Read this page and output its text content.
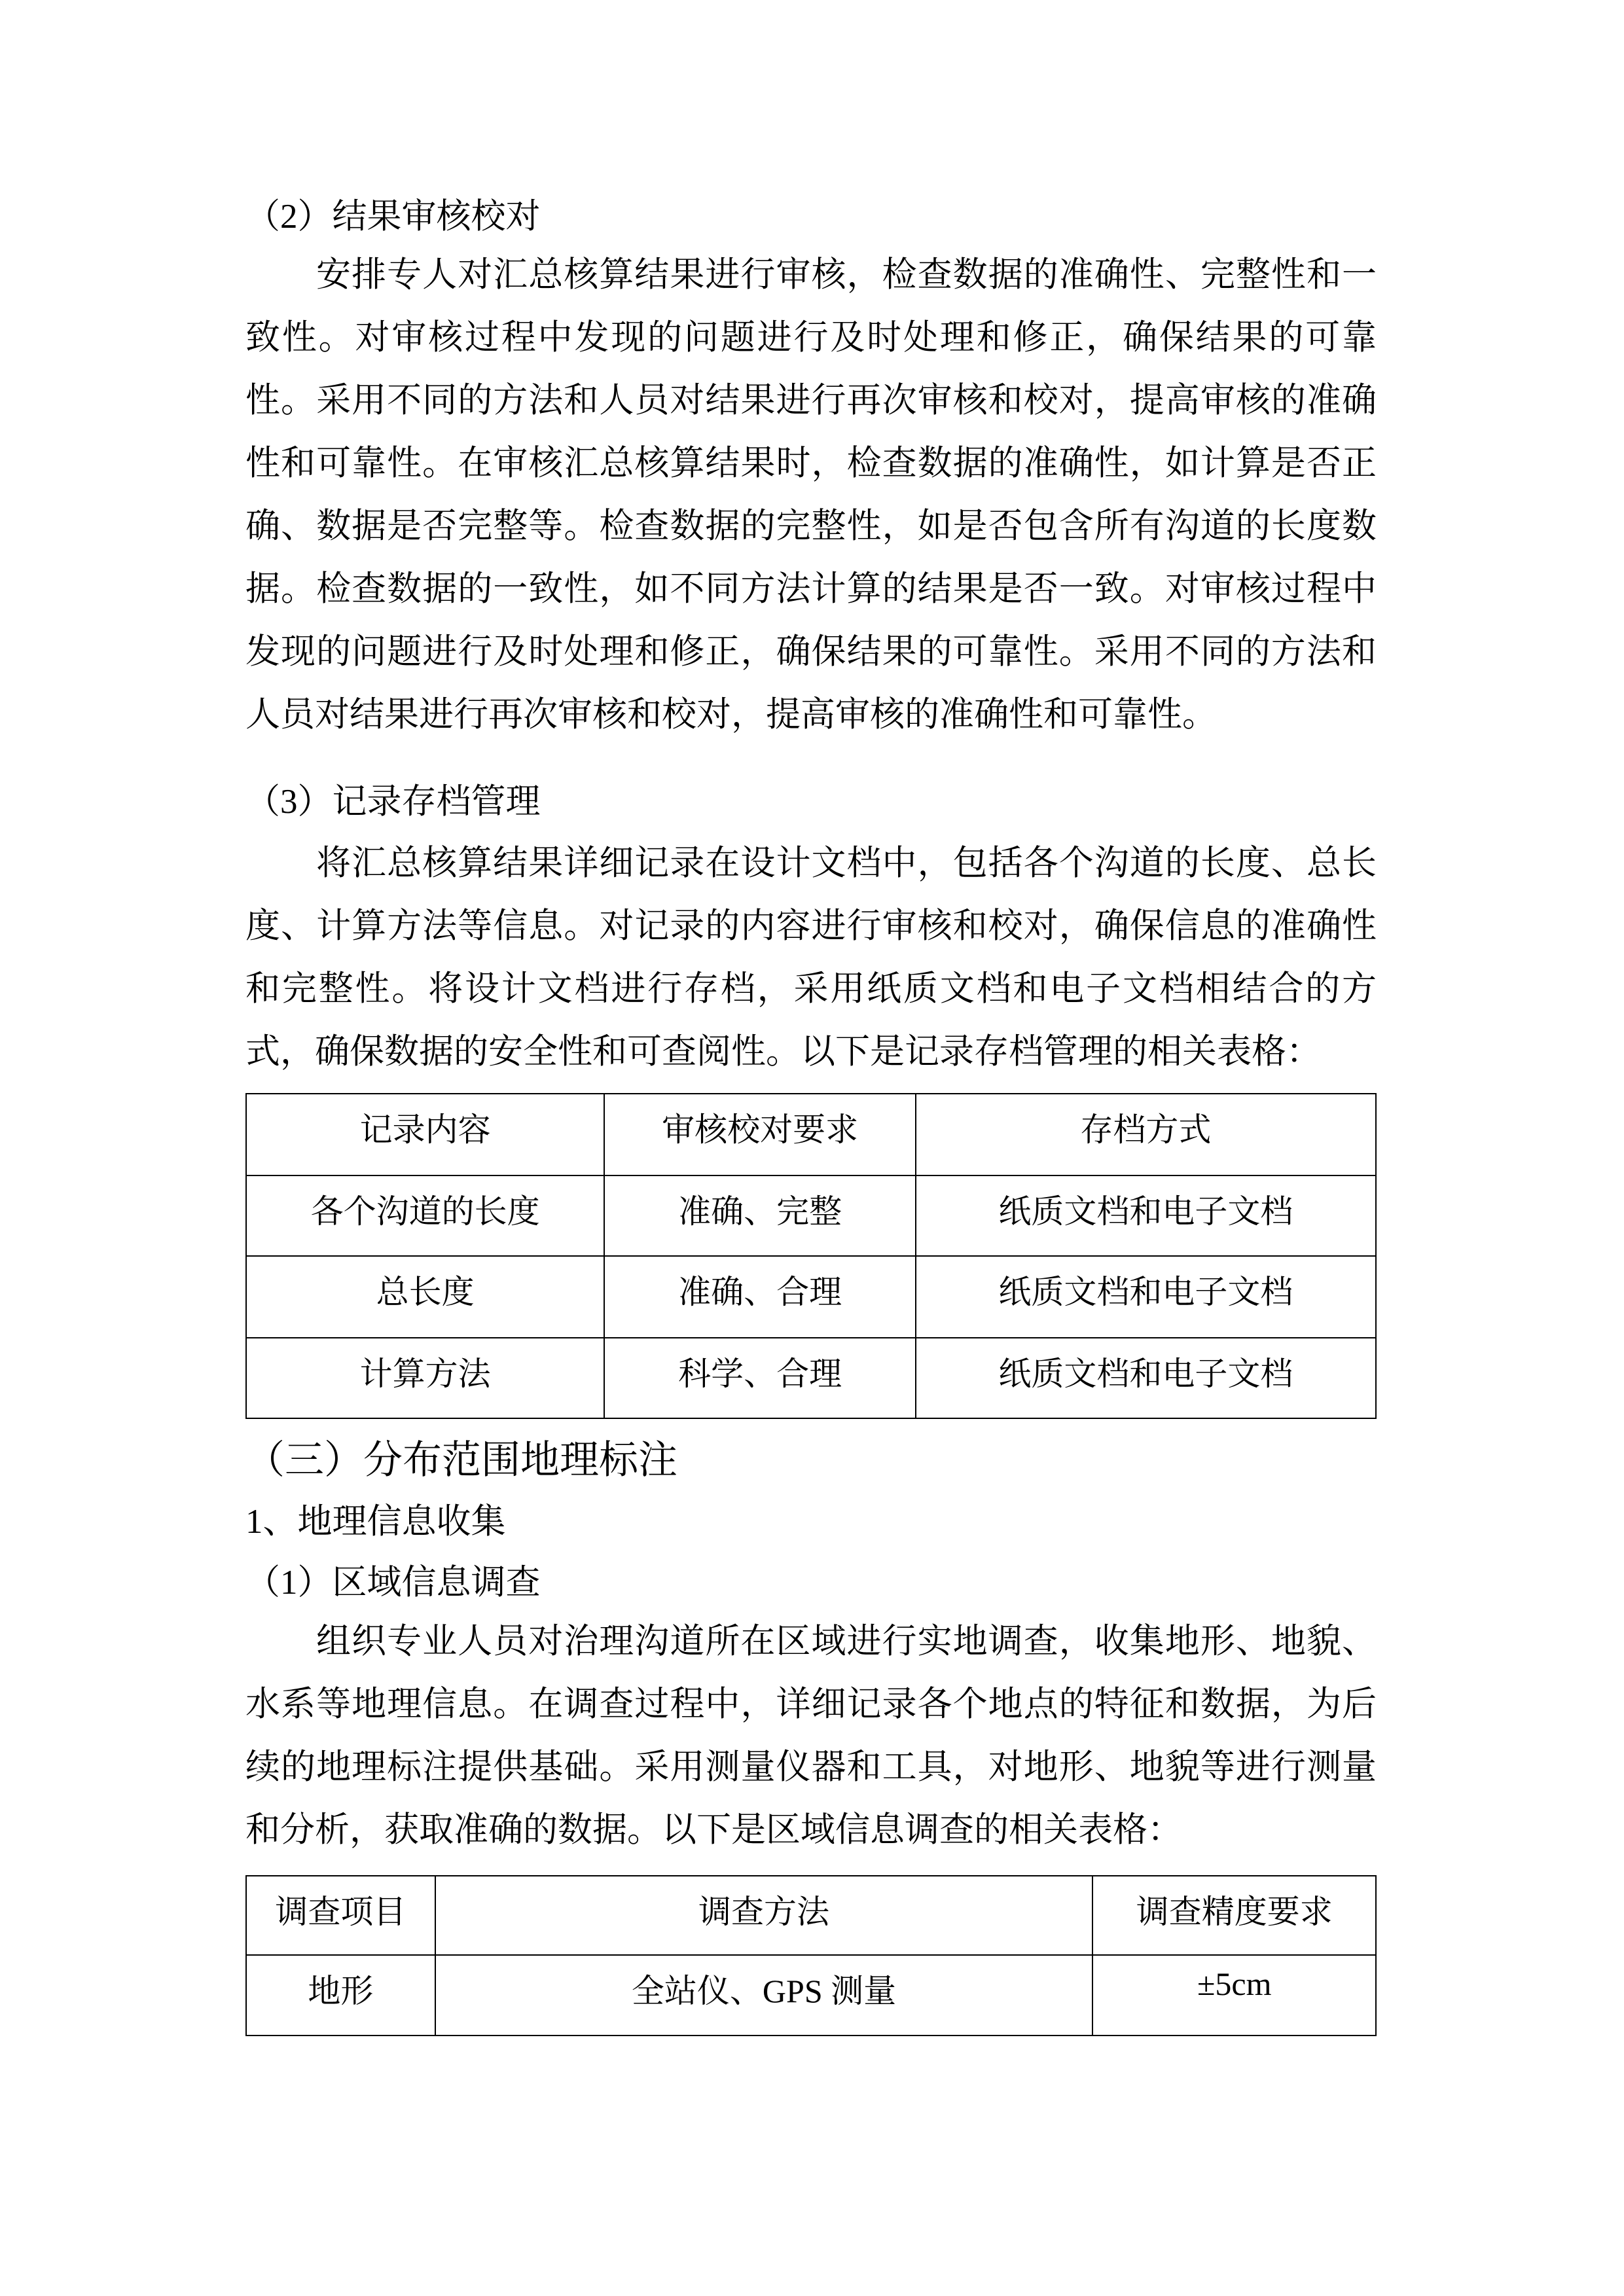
（2）结果审核校对
安排专人对汇总核算结果进行审核，检查数据的准确性、完整性和一致性。对审核过程中发现的问题进行及时处理和修正，确保结果的可靠性。采用不同的方法和人员对结果进行再次审核和校对，提高审核的准确性和可靠性。在审核汇总核算结果时，检查数据的准确性，如计算是否正确、数据是否完整等。检查数据的完整性，如是否包含所有沟道的长度数据。检查数据的一致性，如不同方法计算的结果是否一致。对审核过程中发现的问题进行及时处理和修正，确保结果的可靠性。采用不同的方法和人员对结果进行再次审核和校对，提高审核的准确性和可靠性。
（3）记录存档管理
将汇总核算结果详细记录在设计文档中，包括各个沟道的长度、总长度、计算方法等信息。对记录的内容进行审核和校对，确保信息的准确性和完整性。将设计文档进行存档，采用纸质文档和电子文档相结合的方式，确保数据的安全性和可查阅性。以下是记录存档管理的相关表格：
记录内容	审核校对要求	存档方式
各个沟道的长度	准确、完整	纸质文档和电子文档
总长度	准确、合理	纸质文档和电子文档
计算方法	科学、合理	纸质文档和电子文档
（三）分布范围地理标注
1、地理信息收集
（1）区域信息调查
组织专业人员对治理沟道所在区域进行实地调查，收集地形、地貌、水系等地理信息。在调查过程中，详细记录各个地点的特征和数据，为后续的地理标注提供基础。采用测量仪器和工具，对地形、地貌等进行测量和分析，获取准确的数据。以下是区域信息调查的相关表格：
调查项目	调查方法	调查精度要求
地形	全站仪、GPS 测量	±5cm
